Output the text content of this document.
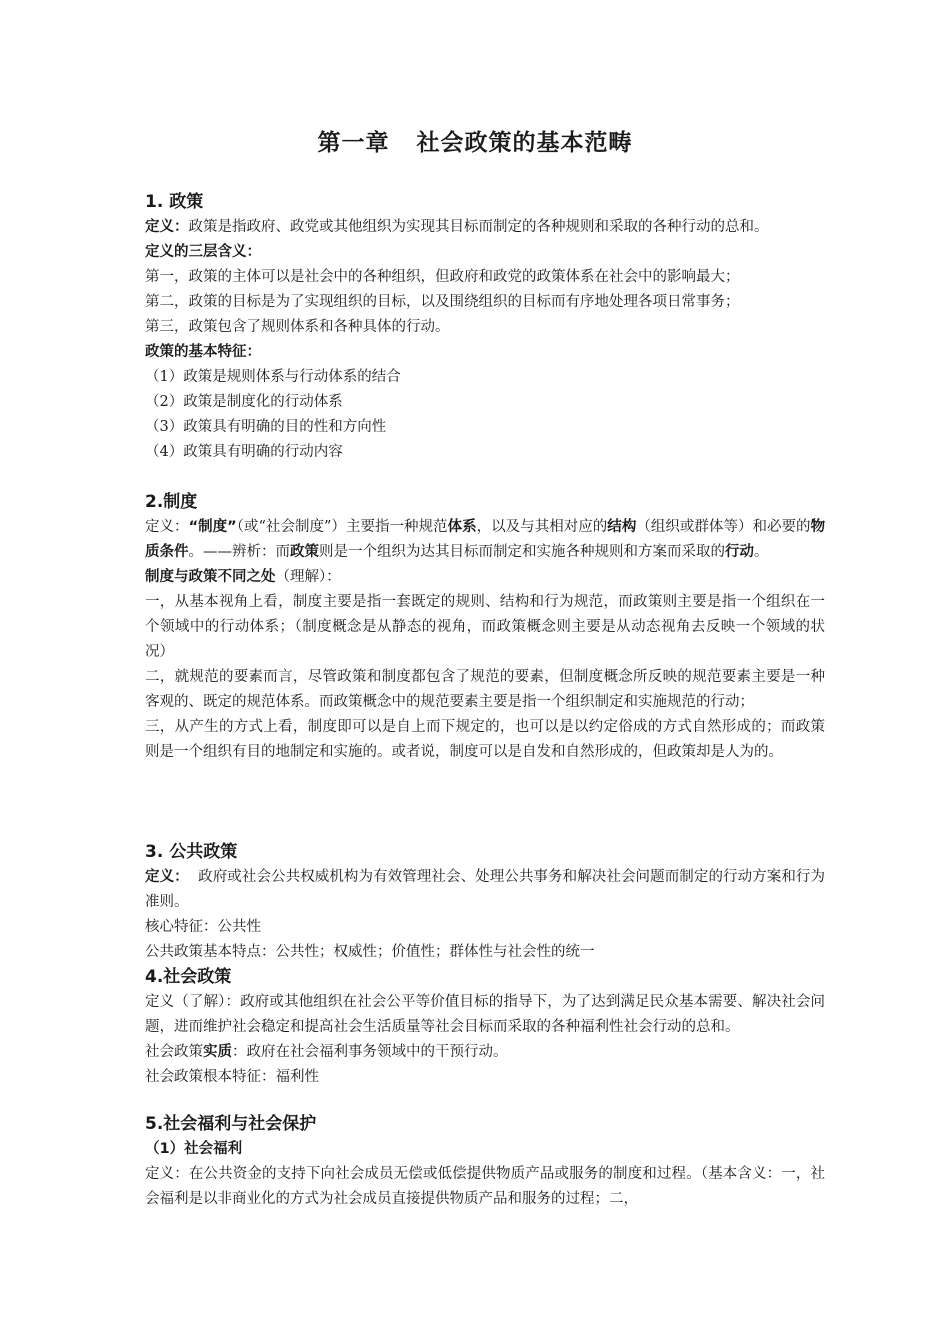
第一章   社会政策的基本范畴

1. 政策

定义：政策是指政府、政党或其他组织为实现其目标而制定的各种规则和采取的各种行动的总和。

定义的三层含义：

第一，政策的主体可以是社会中的各种组织，但政府和政党的政策体系在社会中的影响最大；

第二，政策的目标是为了实现组织的目标，以及围绕组织的目标而有序地处理各项日常事务；

第三，政策包含了规则体系和各种具体的行动。

政策的基本特征：

（1）政策是规则体系与行动体系的结合

（2）政策是制度化的行动体系

（3）政策具有明确的目的性和方向性

（4）政策具有明确的行动内容

2.制度

定义：“制度”（或“社会制度”）主要指一种规范体系，以及与其相对应的结构（组织或群体等）和必要的物质条件。——辨析：而政策则是一个组织为达其目标而制定和实施各种规则和方案而采取的行动。

制度与政策不同之处（理解）：

一，从基本视角上看，制度主要是指一套既定的规则、结构和行为规范，而政策则主要是指一个组织在一个领域中的行动体系；（制度概念是从静态的视角，而政策概念则主要是从动态视角去反映一个领域的状况）

二，就规范的要素而言，尽管政策和制度都包含了规范的要素，但制度概念所反映的规范要素主要是一种客观的、既定的规范体系。而政策概念中的规范要素主要是指一个组织制定和实施规范的行动；

三，从产生的方式上看，制度即可以是自上而下规定的，也可以是以约定俗成的方式自然形成的；而政策则是一个组织有目的地制定和实施的。或者说，制度可以是自发和自然形成的，但政策却是人为的。

3. 公共政策

定义：  政府或社会公共权威机构为有效管理社会、处理公共事务和解决社会问题而制定的行动方案和行为准则。

核心特征：公共性

公共政策基本特点：公共性；权威性；价值性；群体性与社会性的统一

4.社会政策

定义（了解）：政府或其他组织在社会公平等价值目标的指导下，为了达到满足民众基本需要、解决社会问题，进而维护社会稳定和提高社会生活质量等社会目标而采取的各种福利性社会行动的总和。

社会政策实质：政府在社会福利事务领域中的干预行动。

社会政策根本特征：福利性

5.社会福利与社会保护

（1）社会福利

定义：在公共资金的支持下向社会成员无偿或低偿提供物质产品或服务的制度和过程。（基本含义：一，社会福利是以非商业化的方式为社会成员直接提供物质产品和服务的过程；二，
